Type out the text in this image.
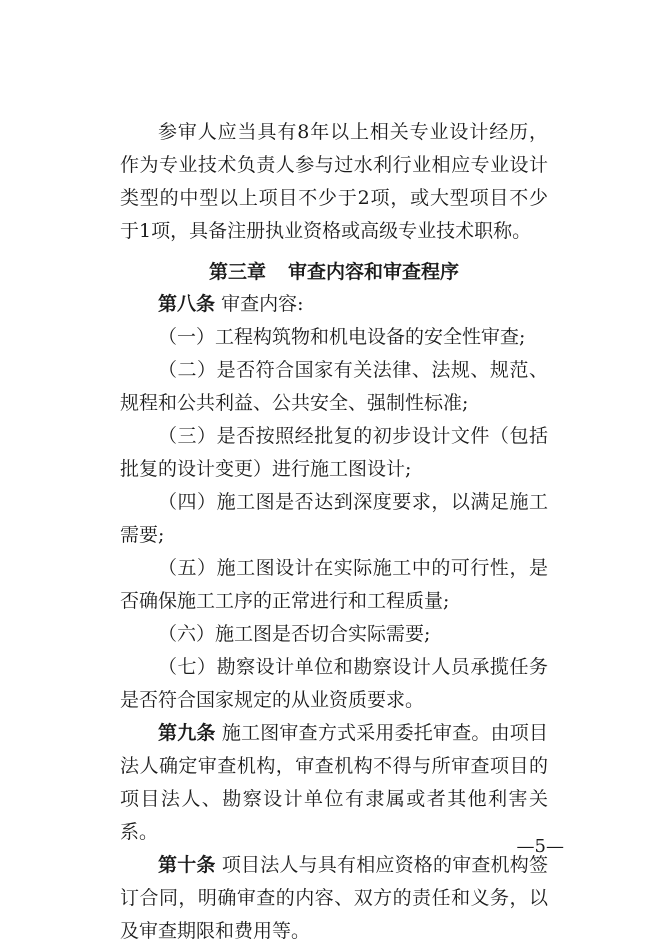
参审人应当具有8年以上相关专业设计经历，作为专业技术负责人参与过水利行业相应专业设计类型的中型以上项目不少于2项，或大型项目不少于1项，具备注册执业资格或高级专业技术职称。

第三章 审查内容和审查程序

第八条 审查内容:

（一）工程构筑物和机电设备的安全性审查;

（二）是否符合国家有关法律、法规、规范、规程和公共利益、公共安全、强制性标准;

（三）是否按照经批复的初步设计文件（包括批复的设计变更）进行施工图设计;

（四）施工图是否达到深度要求，以满足施工需要;

（五）施工图设计在实际施工中的可行性，是否确保施工工序的正常进行和工程质量;

（六）施工图是否切合实际需要;

（七）勘察设计单位和勘察设计人员承揽任务是否符合国家规定的从业资质要求。

第九条 施工图审查方式采用委托审查。由项目法人确定审查机构，审查机构不得与所审查项目的项目法人、勘察设计单位有隶属或者其他利害关系。

第十条 项目法人与具有相应资格的审查机构签订合同，明确审查的内容、双方的责任和义务，以及审查期限和费用等。

—5—
